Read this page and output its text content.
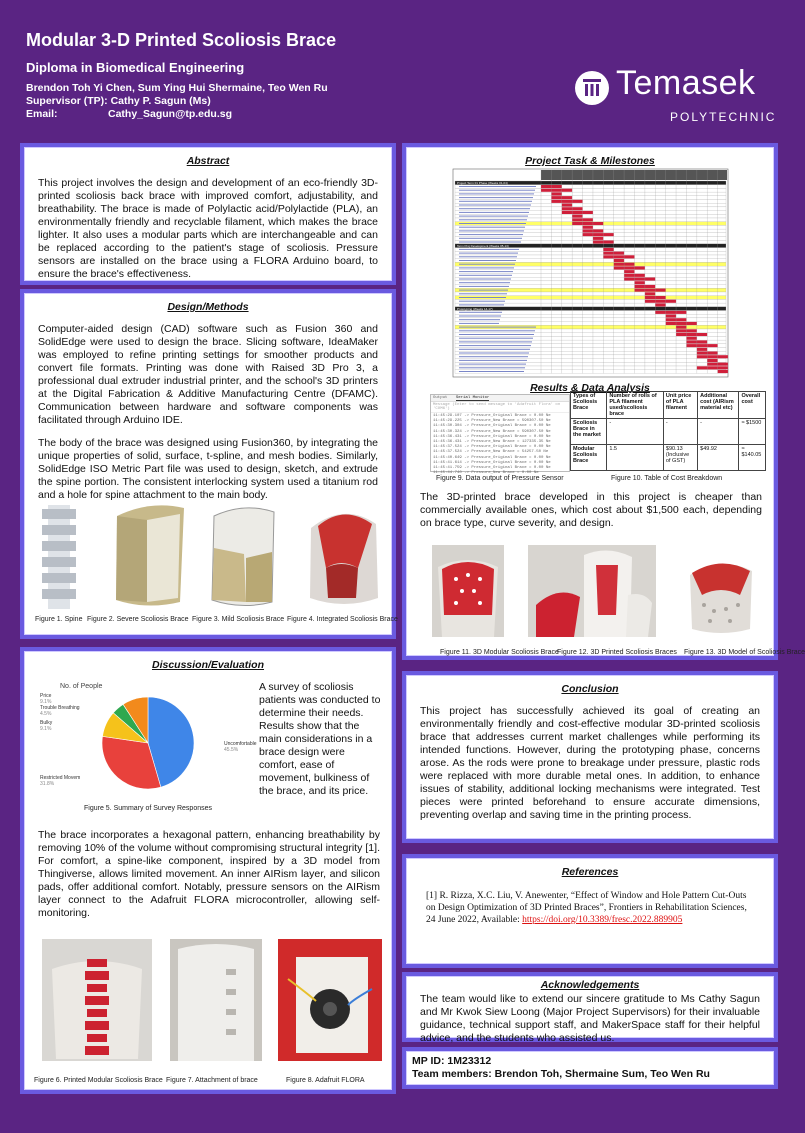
Modular 3-D Printed Scoliosis Brace
Diploma in Biomedical Engineering
Brendon Toh Yi Chen, Sum Ying Hui Shermaine, Teo Wen Ru
Supervisor (TP): Cathy P. Sagun (Ms)
Email:	Cathy_Sagun@tp.edu.sg
Temasek
POLYTECHNIC
Abstract
This project involves the design and development of an eco-friendly 3D-printed scoliosis back brace with improved comfort, adjustability, and breathability. The brace is made of Polylactic acid/Polylactide (PLA), an environmentally friendly and recyclable filament, which makes the brace lighter. It also uses a modular parts which are interchangeable and can be replaced according to the patient's stage of scoliosis. Pressure sensors are installed on the brace using a FLORA Arduino board, to ensure the brace's effectiveness.
Design/Methods
Computer-aided design (CAD) software such as Fusion 360 and SolidEdge were used to design the brace. Slicing software, IdeaMaker was employed to refine printing settings for smoother products and convert file formats. Printing was done with Raised 3D Pro 3, a professional dual extruder industrial printer, and the school's 3D printers at the Digital Fabrication & Additive Manufacturing Centre (DFAMC). Communication between hardware and software components was facilitated through Arduino IDE.
The body of the brace was designed using Fusion360, by integrating the unique properties of solid, surface, t-spline, and mesh bodies. Similarly, SolidEdge ISO Metric Part file was used to design, sketch, and extrude the spine portion. The consistent interlocking system used a titanium rod and a hole for spine attachment to the main body.
Figure 1. Spine Figure 2. Severe Scoliosis Brace Figure 3. Mild Scoliosis Brace Figure 4. Integrated Scoliosis Brace
Discussion/Evaluation
No. of People
Uncomfortable
45.5%
Restricted Movem
31.8%
Bulky
9.1%
Trouble Breathing
4.5%
Price
9.1%
Figure 5. Summary of Survey Responses
A survey of scoliosis patients was conducted to determine their needs. Results show that the main considerations in a brace design were comfort, ease of movement, bulkiness of the brace, and its price.
The brace incorporates a hexagonal pattern, enhancing breathability by removing 10% of the volume without compromising structural integrity [1]. For comfort, a spine-like component, inspired by a 3D model from Thingiverse, allows limited movement. An inner AIRism layer, and silicon pads, offer additional comfort. Notably, pressure sensors on the AIRism layer connect to the Adafruit FLORA microcontroller, allowing self-monitoring.
Figure 6. Printed Modular Scoliosis Brace Figure 7. Attachment of brace	Figure 8. Adafruit FLORA
Project Task & Milestones
Project Term 01 Phase (Weeks 01-04)
Term Proj Development (Weeks 05-13)
Prototyping (Weeks 14-17)
Results & Data Analysis
Output Serial Monitor
Message (Enter to send message to 'Adafruit Flora' on 'COM6')
11:45:29.107 -> Pressure_Original Brace = 0.00 Ne
11:45:29.225 -> Pressure_New Brace = 590307.50 Ne
11:45:30.304 -> Pressure_Original Brace = 0.00 Ne
11:45:30.324 -> Pressure_New Brace = 590307.50 Ne
11:45:36.431 -> Pressure_Original Brace = 0.00 Ne
11:45:36.431 -> Pressure_New Brace = 127335.35 Ne
11:45:37.524 -> Pressure_Original Brace = 0.00 Ne
11:45:37.524 -> Pressure_New Brace = 54257.50 Ne
11:45:40.649 -> Pressure_Original Brace = 0.00 Ne
11:45:41.614 -> Pressure_Original Brace = 0.00 Ne
11:45:41.759 -> Pressure_Original Brace = 0.00 Ne
11:45:44.740 -> Pressure_New Brace = 0.00 Ne
Figure 9. Data output of Pressure Sensor
Types of Scoliosis Brace	Number of rolls of PLA filament used/scoliosis brace	Unit price of PLA filament	Additional cost (AIRism material etc)	Overall cost
Scoliosis Brace in the market	-	-	-	≈ $1500
Modular Scoliosis Brace	1.5	$90.13 (Inclusive of GST)	$49.92	≈ $140.05
Figure 10. Table of Cost Breakdown
The 3D-printed brace developed in this project is cheaper than commercially available ones, which cost about $1,500 each, depending on brace type, curve severity, and design.
Figure 11. 3D Modular Scoliosis Brace
Figure 12. 3D Printed Scoliosis Braces Figure 13. 3D Model of Scoliosis Brace
Conclusion
This project has successfully achieved its goal of creating an environmentally friendly and cost-effective modular 3D-printed scoliosis brace that addresses current market challenges while performing its intended functions. However, during the prototyping phase, concerns arose. As the rods were prone to breakage under pressure, plastic rods were replaced with more durable metal ones. In addition, to enhance issues of stability, additional locking mechanisms were integrated. Test pieces were printed beforehand to ensure accurate dimensions, preventing overlap and saving time in the printing process.
References
[1] R. Rizza, X.C. Liu, V. Anewenter, “Effect of Window and Hole Pattern Cut-Outs on Design Optimization of 3D Printed Braces”, Frontiers in Rehabilitation Sciences, 24 June 2022, Available: https://doi.org/10.3389/fresc.2022.889905
Acknowledgements
The team would like to extend our sincere gratitude to Ms Cathy Sagun and Mr Kwok Siew Loong (Major Project Supervisors) for their invaluable guidance, technical support staff, and MakerSpace staff for their helpful advice, and the students who assisted us.
MP ID: 1M23312
Team members: Brendon Toh, Shermaine Sum, Teo Wen Ru
